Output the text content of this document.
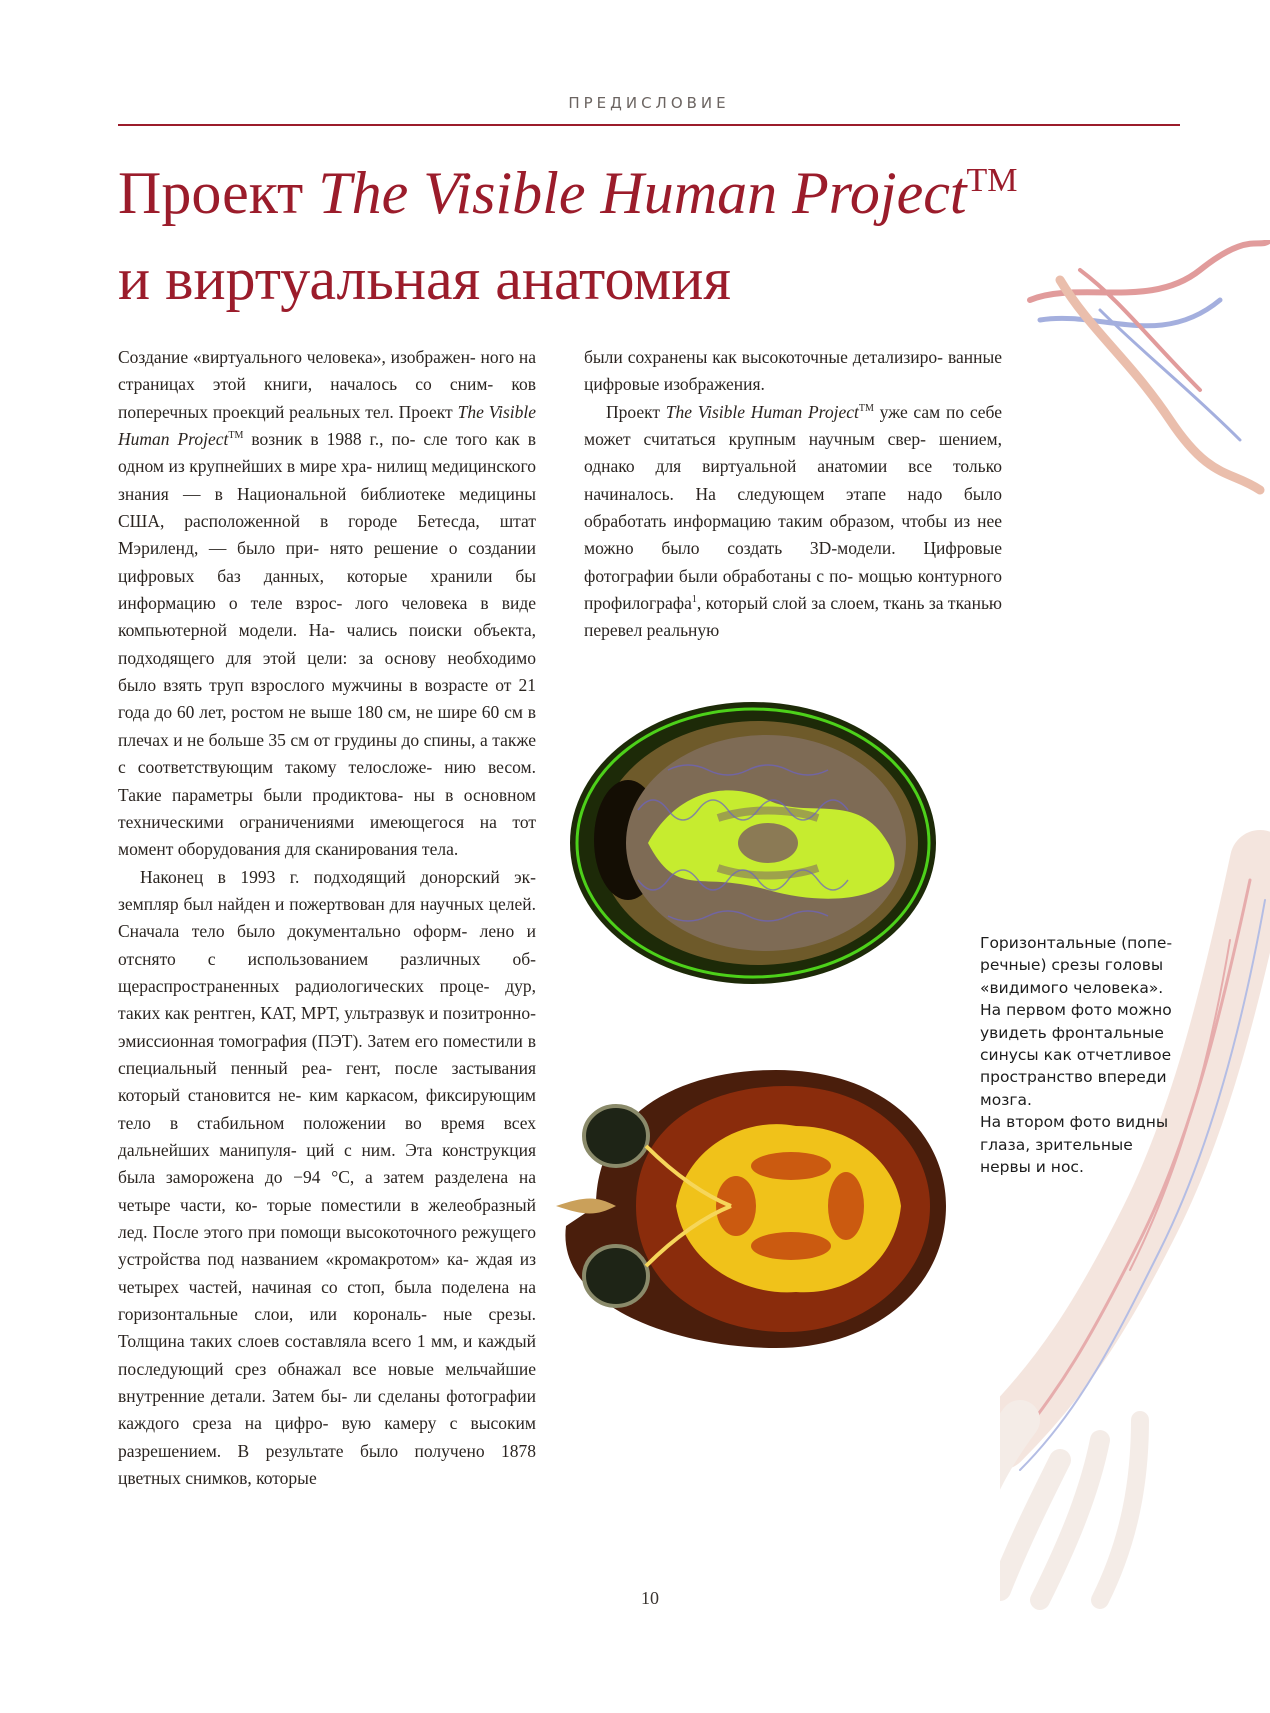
ПРЕДИСЛОВИЕ
Проект The Visible Human Project™
и виртуальная анатомия

Создание «виртуального человека», изображен- ного на страницах этой книги, началось со сним- ков поперечных проекций реальных тел. Проект The Visible Human Project™ возник в 1988 г., по- сле того как в одном из крупнейших в мире хра- нилищ медицинского знания — в Национальной библиотеке медицины США, расположенной в городе Бетесда, штат Мэриленд, — было при- нято решение о создании цифровых баз данных, которые хранили бы информацию о теле взрос- лого человека в виде компьютерной модели. На- чались поиски объекта, подходящего для этой цели: за основу необходимо было взять труп взрослого мужчины в возрасте от 21 года до 60 лет, ростом не выше 180 см, не шире 60 см в плечах и не больше 35 см от грудины до спины, а также с соответствующим такому телосложе- нию весом. Такие параметры были продиктова- ны в основном техническими ограничениями имеющегося на тот момент оборудования для сканирования тела.

Наконец в 1993 г. подходящий донорский эк- земпляр был найден и пожертвован для научных целей. Сначала тело было документально оформ- лено и отснято с использованием различных об- щераспространенных радиологических проце- дур, таких как рентген, КАТ, МРТ, ультразвук и позитронно-эмиссионная томография (ПЭТ). Затем его поместили в специальный пенный реа- гент, после застывания который становится не- ким каркасом, фиксирующим тело в стабильном положении во время всех дальнейших манипуля- ций с ним. Эта конструкция была заморожена до −94 °C, а затем разделена на четыре части, ко- торые поместили в желеобразный лед. После этого при помощи высокоточного режущего устройства под названием «кромакротом» ка- ждая из четырех частей, начиная со стоп, была поделена на горизонтальные слои, или корональ- ные срезы. Толщина таких слоев составляла всего 1 мм, и каждый последующий срез обнажал все новые мельчайшие внутренние детали. Затем бы- ли сделаны фотографии каждого среза на цифро- вую камеру с высоким разрешением. В результате было получено 1878 цветных снимков, которые

были сохранены как высокоточные детализиро- ванные цифровые изображения.

Проект The Visible Human Project™ уже сам по себе может считаться крупным научным свер- шением, однако для виртуальной анатомии все только начиналось. На следующем этапе надо было обработать информацию таким образом, чтобы из нее можно было создать 3D-модели. Цифровые фотографии были обработаны с по- мощью контурного профилографа$^1$, который слой за слоем, ткань за тканью перевел реальную

Горизонтальные (попе-

речные) срезы головы

«видимого человека».

На первом фото можно

увидеть фронтальные

синусы как отчетливое

пространство впереди

мозга.

На втором фото видны

глаза, зрительные

нервы и нос.

10
